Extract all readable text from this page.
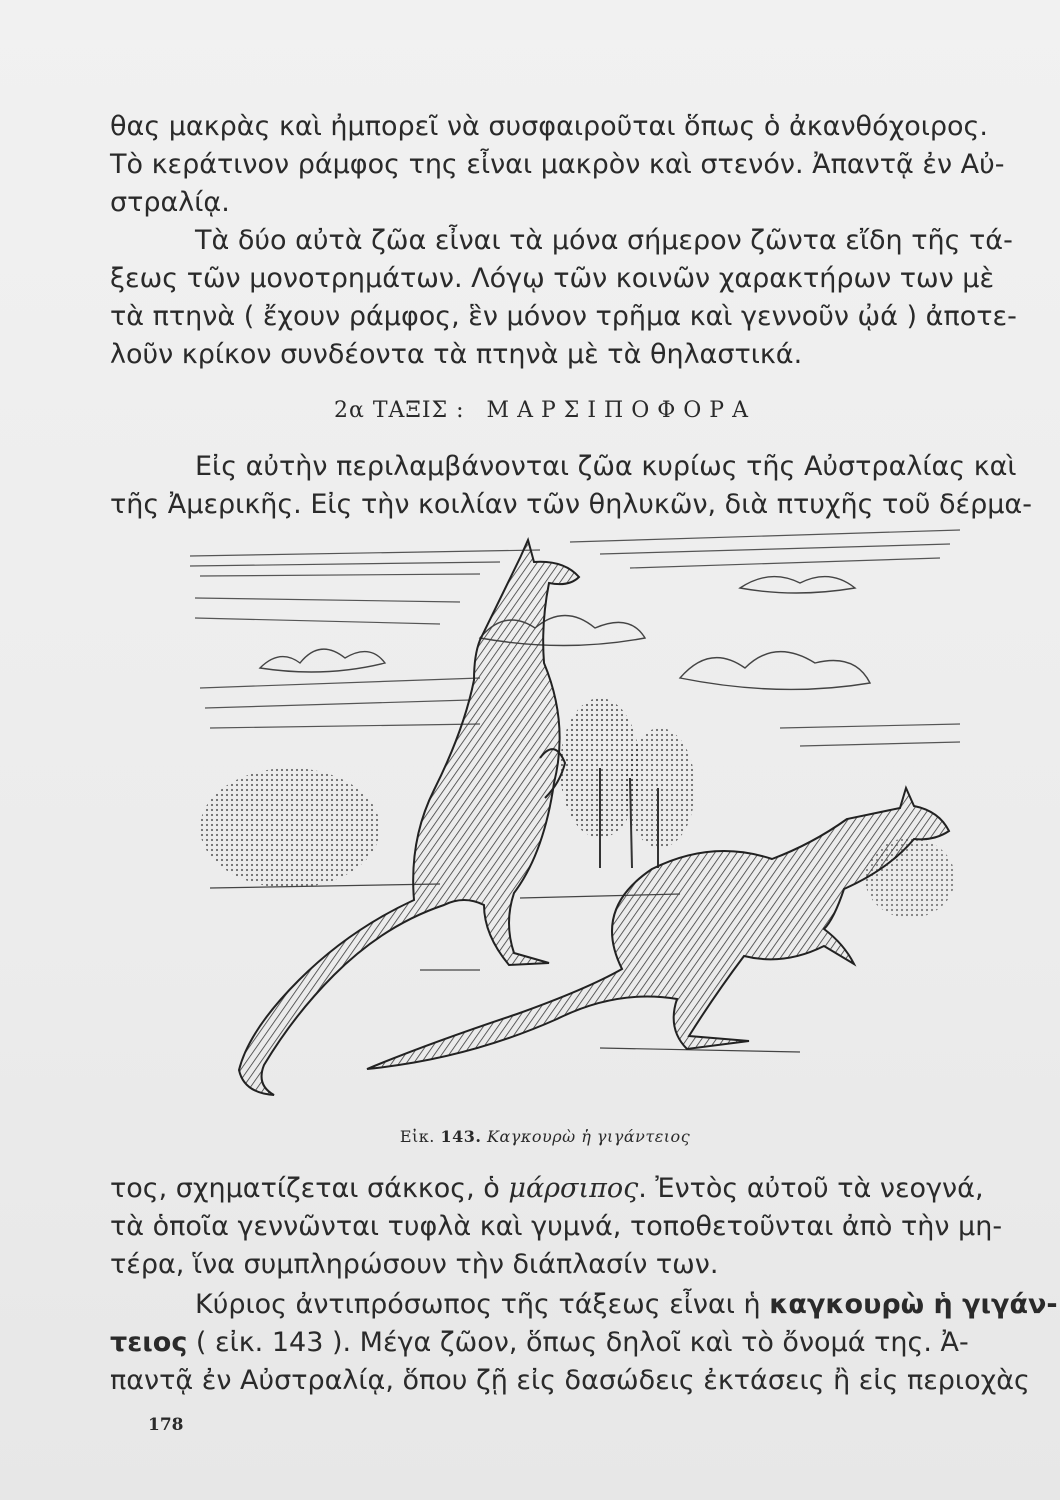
θας μακρὰς καὶ ἠμπορεῖ νὰ συσφαιροῦται ὅπως ὁ ἀκανθόχοιρος.
Τὸ κεράτινον ράμφος της εἶναι μακρὸν καὶ στενόν. Ἀπαντᾷ ἐν Αὐ-
στραλίᾳ.

Τὰ δύο αὐτὰ ζῶα εἶναι τὰ μόνα σήμερον ζῶντα εἴδη τῆς τά-
ξεως τῶν μονοτρημάτων. Λόγῳ τῶν κοινῶν χαρακτήρων των μὲ
τὰ πτηνὰ ( ἔχουν ράμφος, ἓν μόνον τρῆμα καὶ γεννοῦν ᾠά ) ἀποτε-
λοῦν κρίκον συνδέοντα τὰ πτηνὰ μὲ τὰ θηλαστικά.

2α ΤΑΞΙΣ : ΜΑΡΣΙΠΟΦΟΡΑ

Εἰς αὐτὴν περιλαμβάνονται ζῶα κυρίως τῆς Αὐστραλίας καὶ
τῆς Ἀμερικῆς. Εἰς τὴν κοιλίαν τῶν θηλυκῶν, διὰ πτυχῆς τοῦ δέρμα-

Εἰκ. 143. Καγκουρὼ ἡ γιγάντειος

τος, σχηματίζεται σάκκος, ὁ μάρσιπος. Ἐντὸς αὐτοῦ τὰ νεογνά,
τὰ ὁποῖα γεννῶνται τυφλὰ καὶ γυμνά, τοποθετοῦνται ἀπὸ τὴν μη-
τέρα, ἵνα συμπληρώσουν τὴν διάπλασίν των.

Κύριος ἀντιπρόσωπος τῆς τάξεως εἶναι ἡ καγκουρὼ ἡ γιγάν-
τειος ( εἰκ. 143 ). Μέγα ζῶον, ὅπως δηλοῖ καὶ τὸ ὄνομά της. Ἀ-
παντᾷ ἐν Αὐστραλίᾳ, ὅπου ζῇ εἰς δασώδεις ἐκτάσεις ἢ εἰς περιοχὰς

178
